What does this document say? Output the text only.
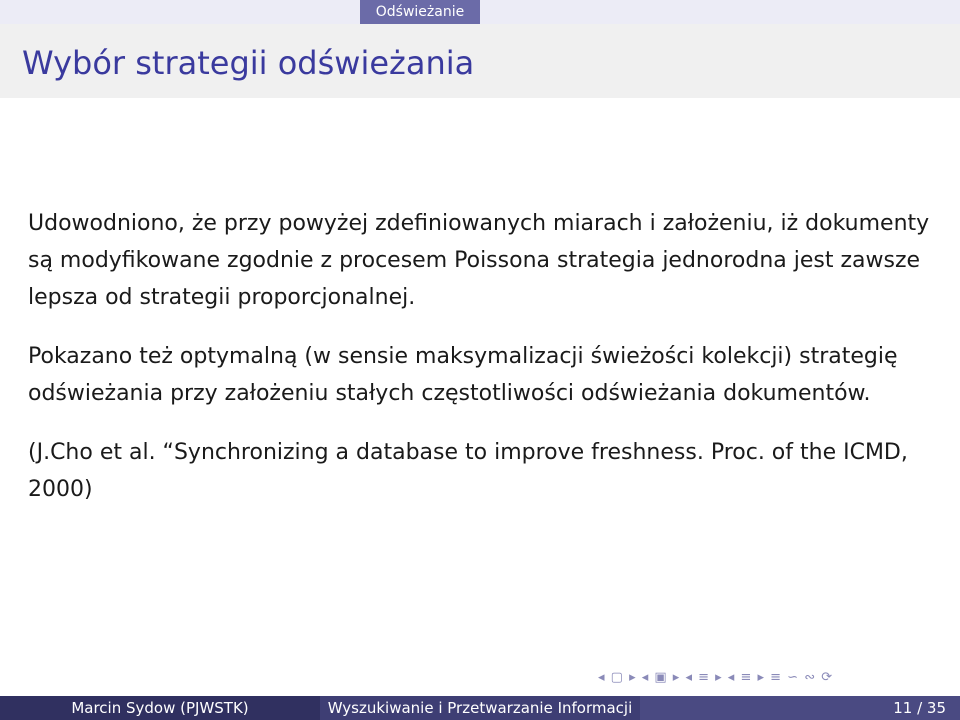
Odświeżanie
Wybór strategii odświeżania

Udowodniono, że przy powyżej zdefiniowanych miarach i założeniu, iż dokumenty są modyfikowane zgodnie z procesem Poissona strategia jednorodna jest zawsze lepsza od strategii proporcjonalnej.

Pokazano też optymalną (w sensie maksymalizacji świeżości kolekcji) strategię odświeżania przy założeniu stałych częstotliwości odświeżania dokumentów.

(J.Cho et al. “Synchronizing a database to improve freshness. Proc. of the ICMD, 2000)

◂ ▢ ▸ ◂ ▣ ▸ ◂ ≡ ▸ ◂ ≡ ▸ ≡ ∽ ∾ ⟳
Marcin Sydow (PJWSTK)	Wyszukiwanie i Przetwarzanie Informacji	11 / 35
